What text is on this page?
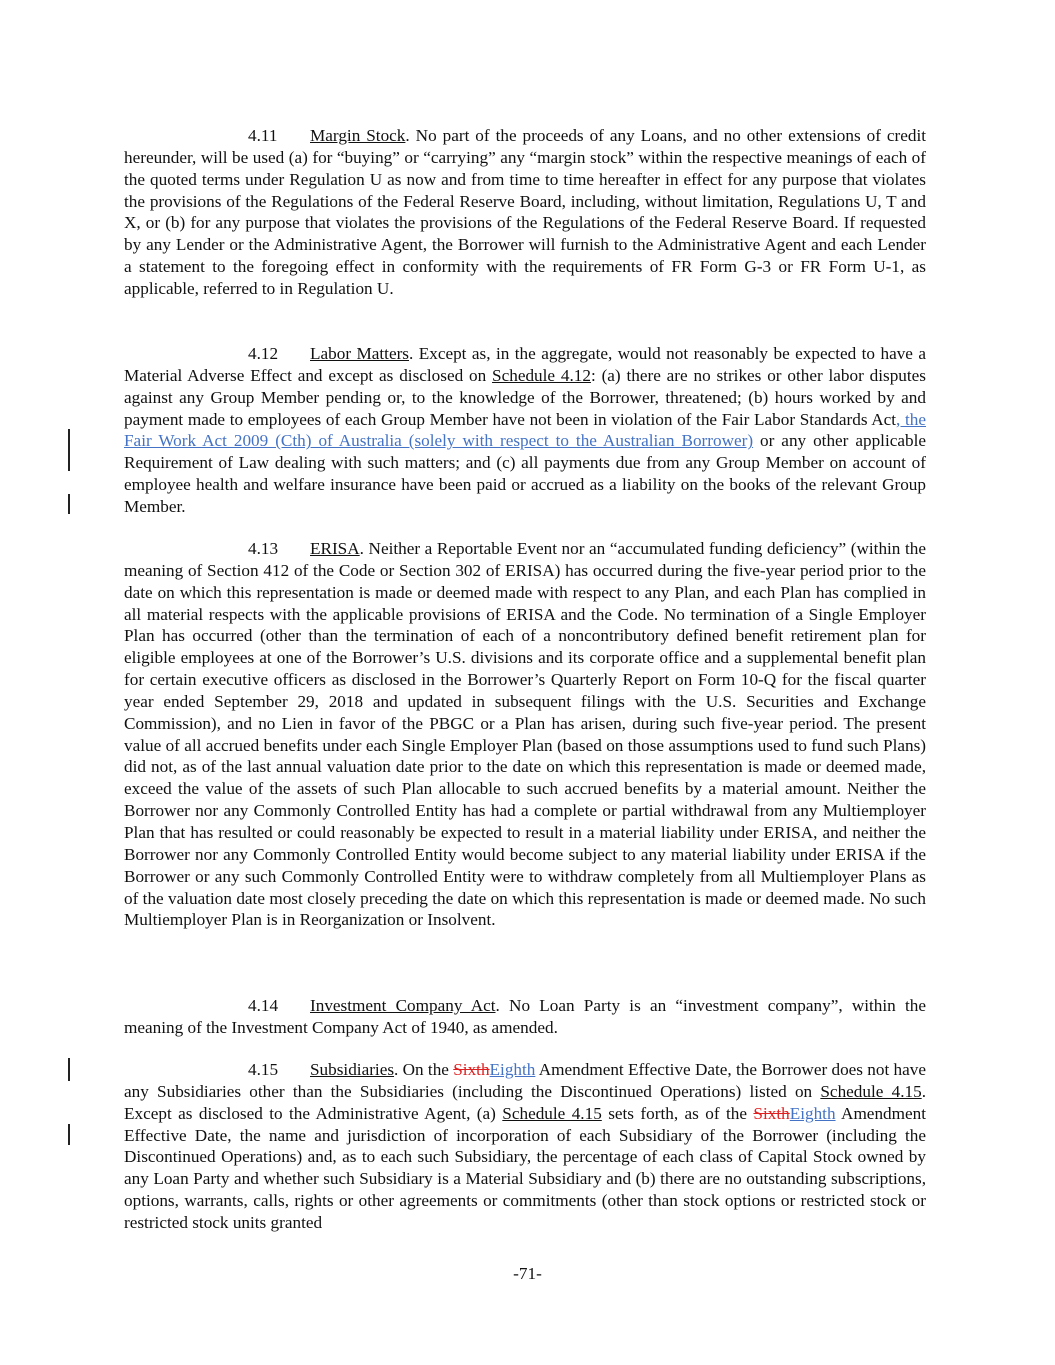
4.11 Margin Stock. No part of the proceeds of any Loans, and no other extensions of credit hereunder, will be used (a) for “buying” or “carrying” any “margin stock” within the respective meanings of each of the quoted terms under Regulation U as now and from time to time hereafter in effect for any purpose that violates the provisions of the Regulations of the Federal Reserve Board, including, without limitation, Regulations U, T and X, or (b) for any purpose that violates the provisions of the Regulations of the Federal Reserve Board. If requested by any Lender or the Administrative Agent, the Borrower will furnish to the Administrative Agent and each Lender a statement to the foregoing effect in conformity with the requirements of FR Form G-3 or FR Form U-1, as applicable, referred to in Regulation U.

4.12 Labor Matters. Except as, in the aggregate, would not reasonably be expected to have a Material Adverse Effect and except as disclosed on Schedule 4.12: (a) there are no strikes or other labor disputes against any Group Member pending or, to the knowledge of the Borrower, threatened; (b) hours worked by and payment made to employees of each Group Member have not been in violation of the Fair Labor Standards Act, the Fair Work Act 2009 (Cth) of Australia (solely with respect to the Australian Borrower) or any other applicable Requirement of Law dealing with such matters; and (c) all payments due from any Group Member on account of employee health and welfare insurance have been paid or accrued as a liability on the books of the relevant Group Member.

4.13 ERISA. Neither a Reportable Event nor an “accumulated funding deficiency” (within the meaning of Section 412 of the Code or Section 302 of ERISA) has occurred during the five-year period prior to the date on which this representation is made or deemed made with respect to any Plan, and each Plan has complied in all material respects with the applicable provisions of ERISA and the Code. No termination of a Single Employer Plan has occurred (other than the termination of each of a noncontributory defined benefit retirement plan for eligible employees at one of the Borrower’s U.S. divisions and its corporate office and a supplemental benefit plan for certain executive officers as disclosed in the Borrower’s Quarterly Report on Form 10-Q for the fiscal quarter year ended September 29, 2018 and updated in subsequent filings with the U.S. Securities and Exchange Commission), and no Lien in favor of the PBGC or a Plan has arisen, during such five-year period. The present value of all accrued benefits under each Single Employer Plan (based on those assumptions used to fund such Plans) did not, as of the last annual valuation date prior to the date on which this representation is made or deemed made, exceed the value of the assets of such Plan allocable to such accrued benefits by a material amount. Neither the Borrower nor any Commonly Controlled Entity has had a complete or partial withdrawal from any Multiemployer Plan that has resulted or could reasonably be expected to result in a material liability under ERISA, and neither the Borrower nor any Commonly Controlled Entity would become subject to any material liability under ERISA if the Borrower or any such Commonly Controlled Entity were to withdraw completely from all Multiemployer Plans as of the valuation date most closely preceding the date on which this representation is made or deemed made. No such Multiemployer Plan is in Reorganization or Insolvent.

4.14 Investment Company Act. No Loan Party is an “investment company”, within the meaning of the Investment Company Act of 1940, as amended.

4.15 Subsidiaries. On the SixthEighth Amendment Effective Date, the Borrower does not have any Subsidiaries other than the Subsidiaries (including the Discontinued Operations) listed on Schedule 4.15. Except as disclosed to the Administrative Agent, (a) Schedule 4.15 sets forth, as of the SixthEighth Amendment Effective Date, the name and jurisdiction of incorporation of each Subsidiary of the Borrower (including the Discontinued Operations) and, as to each such Subsidiary, the percentage of each class of Capital Stock owned by any Loan Party and whether such Subsidiary is a Material Subsidiary and (b) there are no outstanding subscriptions, options, warrants, calls, rights or other agreements or commitments (other than stock options or restricted stock or restricted stock units granted

-71-
